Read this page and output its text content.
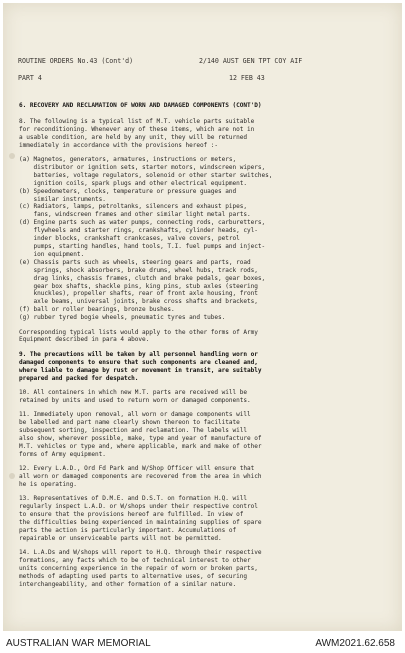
ROUTINE ORDERS No.43 (Cont'd)	2/140 AUST GEN TPT COY AIF
PART 4	12 FEB 43
6. RECOVERY AND RECLAMATION OF WORN AND DAMAGED COMPONENTS (CONT'D)
8. The following is a typical list of M.T. vehicle parts suitable
for reconditioning. Whenever any of these items, which are not in
a usable condition, are held by any unit, they will be returned
immediately in accordance with the provisions hereof :-
(a) Magnetos, generators, armatures, instructions or meters,
distributor or ignition sets, starter motors, windscreen wipers,
batteries, voltage regulators, solenoid or other starter switches,
ignition coils, spark plugs and other electrical equipment.
(b) Speedometers, clocks, temperature or pressure guages and
similar instruments.
(c) Radiators, lamps, petroltanks, silencers and exhaust pipes,
fans, windscreen frames and other similar light metal parts.
(d) Engine parts such as water pumps, connecting rods, carburetters,
flywheels and starter rings, crankshafts, cylinder heads, cyl-
inder blocks, crankshaft crankcases, valve covers, petrol
pumps, starting handles, hand tools, T.I. fuel pumps and inject-
ion equipment.
(e) Chassis parts such as wheels, steering gears and parts, road
springs, shock absorbers, brake drums, wheel hubs, track rods,
drag links, chassis frames, clutch and brake pedals, gear boxes,
gear box shafts, shackle pins, king pins, stub axles (steering
knuckles), propeller shafts, rear of front axle housing, front
axle beams, universal joints, brake cross shafts and brackets,
(f) ball or roller bearings, bronze bushes.
(g) rubber tyred bogie wheels, pneumatic tyres and tubes.
Corresponding typical lists would apply to the other forms of Army
Equipment described in para 4 above.
9. The precautions will be taken by all personnel handling worn or
damaged components to ensure that such components are cleaned and,
where liable to damage by rust or movement in transit, are suitably
prepared and packed for despatch.
10. All containers in which new M.T. parts are received will be
retained by units and used to return worn or damaged components.
11. Immediately upon removal, all worn or damage components will
be labelled and part name clearly shown thereon to facilitate
subsequent sorting, inspection and reclamation. The labels will
also show, wherever possible, make, type and year of manufacture of
M.T. vehicles or type and, where applicable, mark and make of other
forms of Army equipment.
12. Every L.A.D., Ord Fd Park and W/Shop Officer will ensure that
all worn or damaged components are recovered from the area in which
he is operating.
13. Representatives of D.M.E. and D.S.T. on formation H.Q. will
regularly inspect L.A.D. or W/shops under their respective control
to ensure that the provisions hereof are fulfilled. In view of
the difficulties being experienced in maintaining supplies of spare
parts the action is particularly important. Accumulations of
repairable or unserviceable parts will not be permitted.
14. L.A.Ds and W/shops will report to H.Q. through their respective
formations, any facts which to be of technical interest to other
units concerning experience in the repair of worn or broken parts,
methods of adapting used parts to alternative uses, of securing
interchangeability, and other formation of a similar nature.
AUSTRALIAN WAR MEMORIAL	AWM2021.62.658
